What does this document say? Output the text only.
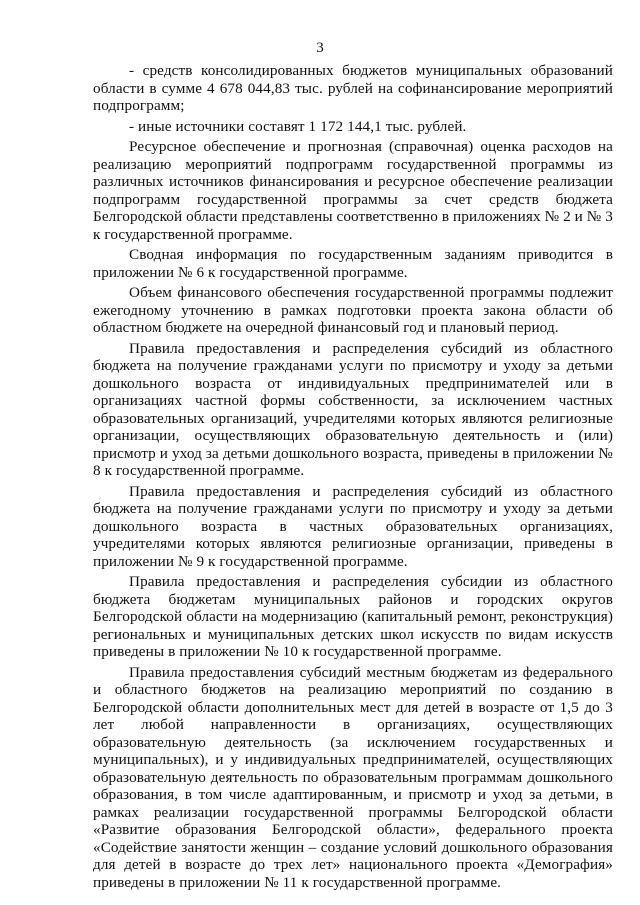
3

- средств консолидированных бюджетов муниципальных образований области в сумме 4 678 044,83 тыс. рублей на софинансирование мероприятий подпрограмм;

- иные источники составят 1 172 144,1 тыс. рублей.

Ресурсное обеспечение и прогнозная (справочная) оценка расходов на реализацию мероприятий подпрограмм государственной программы из различных источников финансирования и ресурсное обеспечение реализации подпрограмм государственной программы за счет средств бюджета Белгородской области представлены соответственно в приложениях № 2 и № 3 к государственной программе.

Сводная информация по государственным заданиям приводится в приложении № 6 к государственной программе.

Объем финансового обеспечения государственной программы подлежит ежегодному уточнению в рамках подготовки проекта закона области об областном бюджете на очередной финансовый год и плановый период.

Правила предоставления и распределения субсидий из областного бюджета на получение гражданами услуги по присмотру и уходу за детьми дошкольного возраста от индивидуальных предпринимателей или в организациях частной формы собственности, за исключением частных образовательных организаций, учредителями которых являются религиозные организации, осуществляющих образовательную деятельность и (или) присмотр и уход за детьми дошкольного возраста, приведены в приложении № 8 к государственной программе.

Правила предоставления и распределения субсидий из областного бюджета на получение гражданами услуги по присмотру и уходу за детьми дошкольного возраста в частных образовательных организациях, учредителями которых являются религиозные организации, приведены в приложении № 9 к государственной программе.

Правила предоставления и распределения субсидии из областного бюджета бюджетам муниципальных районов и городских округов Белгородской области на модернизацию (капитальный ремонт, реконструкция) региональных и муниципальных детских школ искусств по видам искусств приведены в приложении № 10 к государственной программе.

Правила предоставления субсидий местным бюджетам из федерального и областного бюджетов на реализацию мероприятий по созданию в Белгородской области дополнительных мест для детей в возрасте от 1,5 до 3 лет любой направленности в организациях, осуществляющих образовательную деятельность (за исключением государственных и муниципальных), и у индивидуальных предпринимателей, осуществляющих образовательную деятельность по образовательным программам дошкольного образования, в том числе адаптированным, и присмотр и уход за детьми, в рамках реализации государственной программы Белгородской области «Развитие образования Белгородской области», федерального проекта «Содействие занятости женщин – создание условий дошкольного образования для детей в возрасте до трех лет» национального проекта «Демография» приведены в приложении № 11 к государственной программе.
